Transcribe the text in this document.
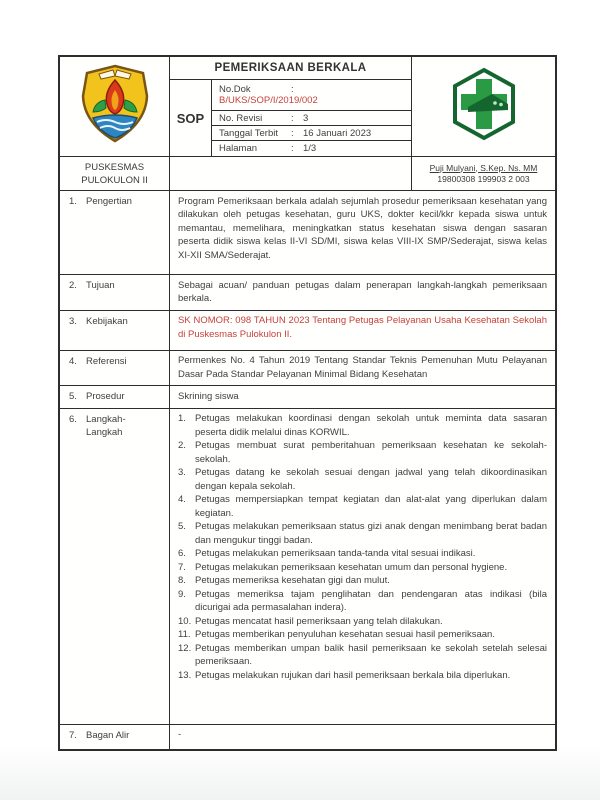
PEMERIKSAAN BERKALA
SOP
No.Dok	:
B/UKS/SOP/I/2019/002
No. Revisi	: 3
Tanggal Terbit	: 16 Januari 2023
Halaman	: 1/3
PUSKESMAS
PULOKULON II
Puji Mulyani, S.Kep. Ns. MM
19800308 199903 2 003
1. Pengertian	Program Pemeriksaan berkala adalah sejumlah prosedur pemeriksaan kesehatan yang dilakukan oleh petugas kesehatan, guru UKS, dokter kecil/kkr kepada siswa untuk memantau, memelihara, meningkatkan status kesehatan siswa dengan sasaran peserta didik siswa kelas II-VI SD/MI, siswa kelas VIII-IX SMP/Sederajat, siswa kelas XI-XII SMA/Sederajat.
2. Tujuan	Sebagai acuan/ panduan petugas dalam penerapan langkah-langkah pemeriksaan berkala.
3. Kebijakan	SK NOMOR: 098 TAHUN 2023 Tentang Petugas Pelayanan Usaha Kesehatan Sekolah di Puskesmas Pulokulon II.
4. Referensi	Permenkes No. 4 Tahun 2019 Tentang Standar Teknis Pemenuhan Mutu Pelayanan Dasar Pada Standar Pelayanan Minimal Bidang Kesehatan
5. Prosedur	Skrining siswa
6. Langkah-Langkah
1. Petugas melakukan koordinasi dengan sekolah untuk meminta data sasaran peserta didik melalui dinas KORWIL.
2. Petugas membuat surat pemberitahuan pemeriksaan kesehatan ke sekolah-sekolah.
3. Petugas datang ke sekolah sesuai dengan jadwal yang telah dikoordinasikan dengan kepala sekolah.
4. Petugas mempersiapkan tempat kegiatan dan alat-alat yang diperlukan dalam kegiatan.
5. Petugas melakukan pemeriksaan status gizi anak dengan menimbang berat badan dan mengukur tinggi badan.
6. Petugas melakukan pemeriksaan tanda-tanda vital sesuai indikasi.
7. Petugas melakukan pemeriksaan kesehatan umum dan personal hygiene.
8. Petugas memeriksa kesehatan gigi dan mulut.
9. Petugas memeriksa tajam penglihatan dan pendengaran atas indikasi (bila dicurigai ada permasalahan indera).
10. Petugas mencatat hasil pemeriksaan yang telah dilakukan.
11. Petugas memberikan penyuluhan kesehatan sesuai hasil pemeriksaan.
12. Petugas memberikan umpan balik hasil pemeriksaan ke sekolah setelah selesai pemeriksaan.
13. Petugas melakukan rujukan dari hasil pemeriksaan berkala bila diperlukan.
7. Bagan Alir	-
